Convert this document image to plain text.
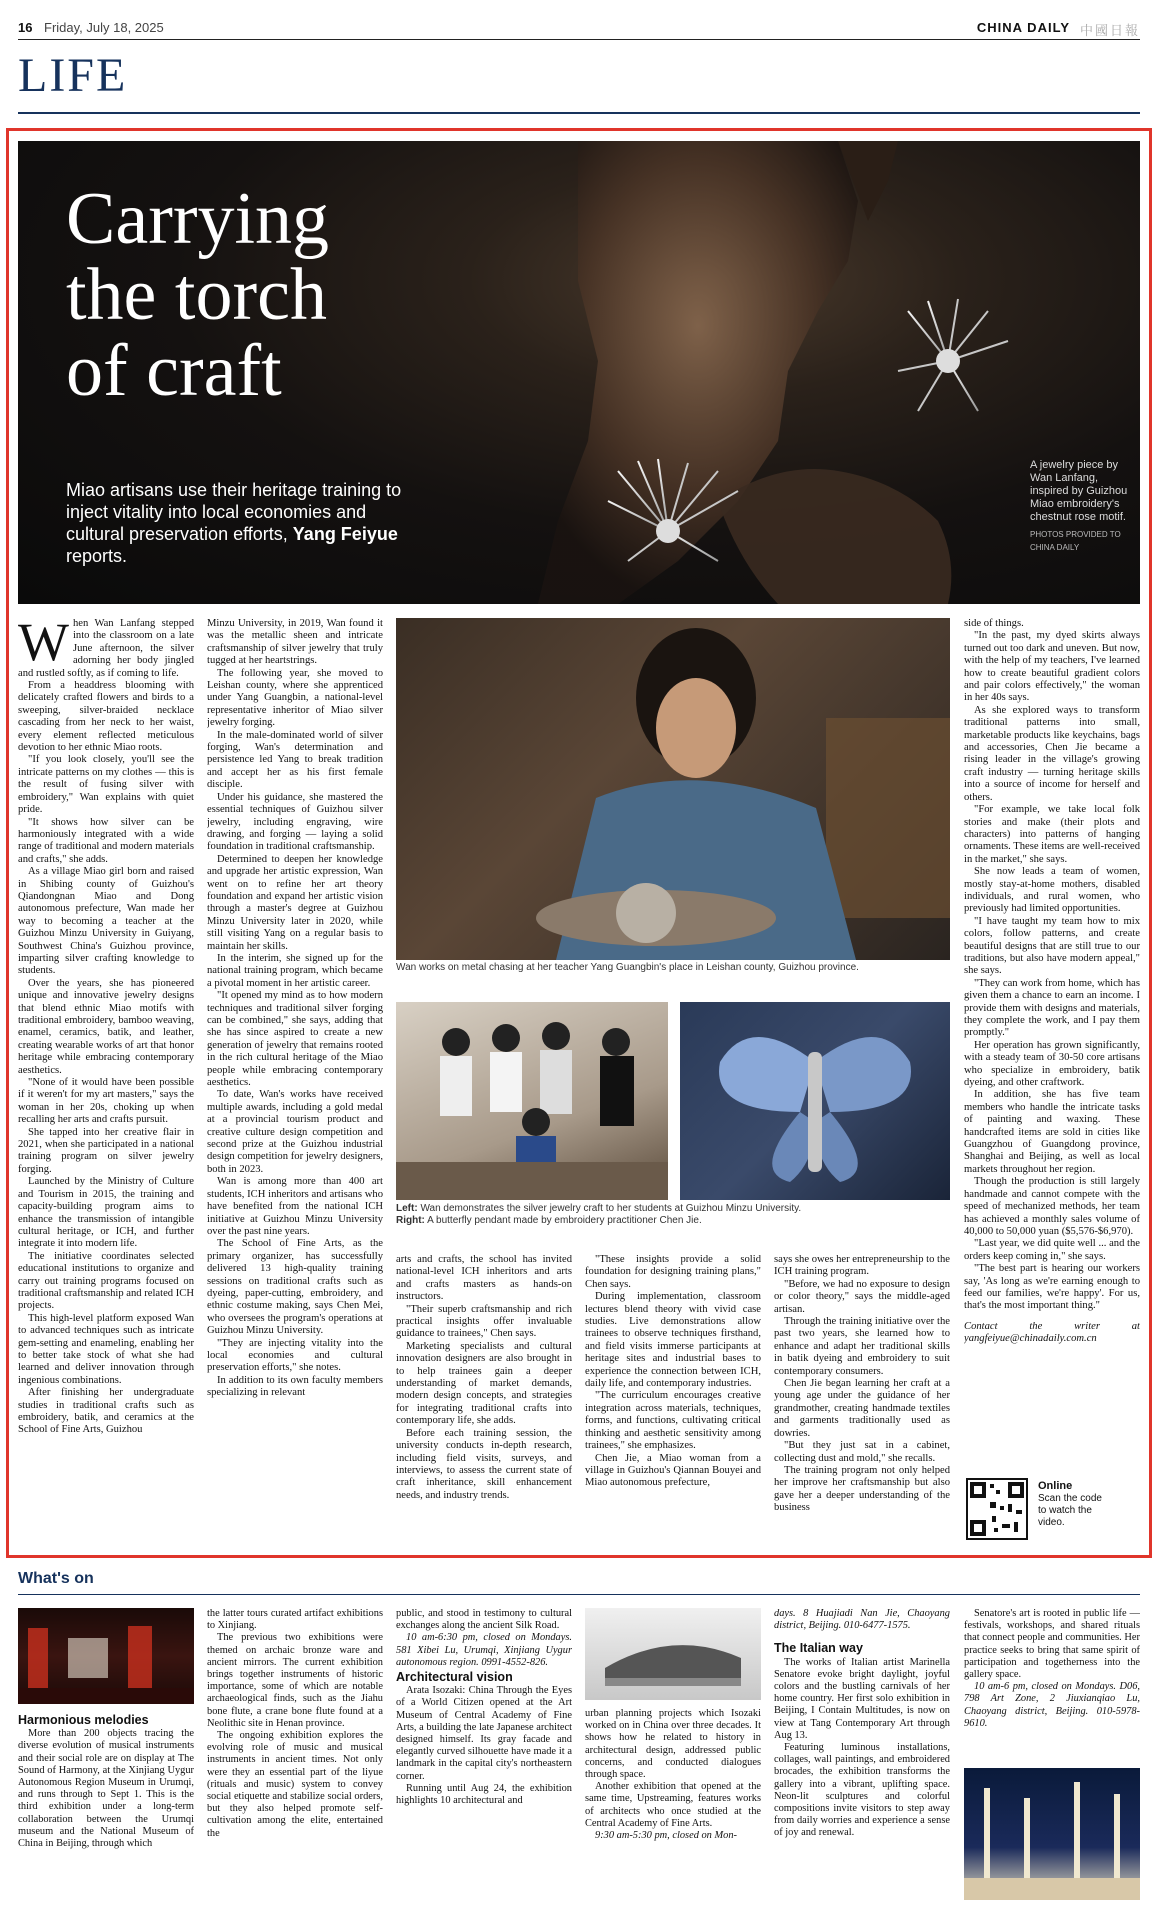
16 Friday, July 18, 2025	CHINA DAILY 中國日報
LIFE
Carrying
the torch
of craft
Miao artisans use their heritage training to inject vitality into local economies and cultural preservation efforts, Yang Feiyue reports.
A jewelry piece by Wan Lanfang, inspired by Guizhou Miao embroidery's chestnut rose motif.
PHOTOS PROVIDED TO CHINA DAILY

When Wan Lanfang stepped into the classroom on a late June afternoon, the silver adorning her body jingled and rustled softly, as if coming to life.

From a headdress blooming with delicately crafted flowers and birds to a sweeping, silver-braided necklace cascading from her neck to her waist, every element reflected meticulous devotion to her ethnic Miao roots.

"If you look closely, you'll see the intricate patterns on my clothes — this is the result of fusing silver with embroidery," Wan explains with quiet pride.

"It shows how silver can be harmoniously integrated with a wide range of traditional and modern materials and crafts," she adds.

As a village Miao girl born and raised in Shibing county of Guizhou's Qiandongnan Miao and Dong autonomous prefecture, Wan made her way to becoming a teacher at the Guizhou Minzu University in Guiyang, Southwest China's Guizhou province, imparting silver crafting knowledge to students.

Over the years, she has pioneered unique and innovative jewelry designs that blend ethnic Miao motifs with traditional embroidery, bamboo weaving, enamel, ceramics, batik, and leather, creating wearable works of art that honor heritage while embracing contemporary aesthetics.

"None of it would have been possible if it weren't for my art masters," says the woman in her 20s, choking up when recalling her arts and crafts pursuit.

She tapped into her creative flair in 2021, when she participated in a national training program on silver jewelry forging.

Launched by the Ministry of Culture and Tourism in 2015, the training and capacity-building program aims to enhance the transmission of intangible cultural heritage, or ICH, and further integrate it into modern life.

The initiative coordinates selected educational institutions to organize and carry out training programs focused on traditional craftsmanship and related ICH projects.

This high-level platform exposed Wan to advanced techniques such as intricate gem-setting and enameling, enabling her to better take stock of what she had learned and deliver innovation through ingenious combinations.

After finishing her undergraduate studies in traditional crafts such as embroidery, batik, and ceramics at the School of Fine Arts, Guizhou

Minzu University, in 2019, Wan found it was the metallic sheen and intricate craftsmanship of silver jewelry that truly tugged at her heartstrings.

The following year, she moved to Leishan county, where she apprenticed under Yang Guangbin, a national-level representative inheritor of Miao silver jewelry forging.

In the male-dominated world of silver forging, Wan's determination and persistence led Yang to break tradition and accept her as his first female disciple.

Under his guidance, she mastered the essential techniques of Guizhou silver jewelry, including engraving, wire drawing, and forging — laying a solid foundation in traditional craftsmanship.

Determined to deepen her knowledge and upgrade her artistic expression, Wan went on to refine her art theory foundation and expand her artistic vision through a master's degree at Guizhou Minzu University later in 2020, while still visiting Yang on a regular basis to maintain her skills.

In the interim, she signed up for the national training program, which became a pivotal moment in her artistic career.

"It opened my mind as to how modern techniques and traditional silver forging can be combined," she says, adding that she has since aspired to create a new generation of jewelry that remains rooted in the rich cultural heritage of the Miao people while embracing contemporary aesthetics.

To date, Wan's works have received multiple awards, including a gold medal at a provincial tourism product and creative culture design competition and second prize at the Guizhou industrial design competition for jewelry designers, both in 2023.

Wan is among more than 400 art students, ICH inheritors and artisans who have benefited from the national ICH initiative at Guizhou Minzu University over the past nine years.

The School of Fine Arts, as the primary organizer, has successfully delivered 13 high-quality training sessions on traditional crafts such as dyeing, paper-cutting, embroidery, and ethnic costume making, says Chen Mei, who oversees the program's operations at Guizhou Minzu University.

"They are injecting vitality into the local economies and cultural preservation efforts," she notes.

In addition to its own faculty members specializing in relevant

Wan works on metal chasing at her teacher Yang Guangbin's place in Leishan county, Guizhou province.
Left: Wan demonstrates the silver jewelry craft to her students at Guizhou Minzu University.
Right: A butterfly pendant made by embroidery practitioner Chen Jie.

arts and crafts, the school has invited national-level ICH inheritors and arts and crafts masters as hands-on instructors.

"Their superb craftsmanship and rich practical insights offer invaluable guidance to trainees," Chen says.

Marketing specialists and cultural innovation designers are also brought in to help trainees gain a deeper understanding of market demands, modern design concepts, and strategies for integrating traditional crafts into contemporary life, she adds.

Before each training session, the university conducts in-depth research, including field visits, surveys, and interviews, to assess the current state of craft inheritance, skill enhancement needs, and industry trends.

"These insights provide a solid foundation for designing training plans," Chen says.

During implementation, classroom lectures blend theory with vivid case studies. Live demonstrations allow trainees to observe techniques firsthand, and field visits immerse participants at heritage sites and industrial bases to experience the connection between ICH, daily life, and contemporary industries.

"The curriculum encourages creative integration across materials, techniques, forms, and functions, cultivating critical thinking and aesthetic sensitivity among trainees," she emphasizes.

Chen Jie, a Miao woman from a village in Guizhou's Qiannan Bouyei and Miao autonomous prefecture,

says she owes her entrepreneurship to the ICH training program.

"Before, we had no exposure to design or color theory," says the middle-aged artisan.

Through the training initiative over the past two years, she learned how to enhance and adapt her traditional skills in batik dyeing and embroidery to suit contemporary consumers.

Chen Jie began learning her craft at a young age under the guidance of her grandmother, creating handmade textiles and garments traditionally used as dowries.

"But they just sat in a cabinet, collecting dust and mold," she recalls.

The training program not only helped her improve her craftsmanship but also gave her a deeper understanding of the business

side of things.

"In the past, my dyed skirts always turned out too dark and uneven. But now, with the help of my teachers, I've learned how to create beautiful gradient colors and pair colors effectively," the woman in her 40s says.

As she explored ways to transform traditional patterns into small, marketable products like keychains, bags and accessories, Chen Jie became a rising leader in the village's growing craft industry — turning heritage skills into a source of income for herself and others.

"For example, we take local folk stories and make (their plots and characters) into patterns of hanging ornaments. These items are well-received in the market," she says.

She now leads a team of women, mostly stay-at-home mothers, disabled individuals, and rural women, who previously had limited opportunities.

"I have taught my team how to mix colors, follow patterns, and create beautiful designs that are still true to our traditions, but also have modern appeal," she says.

"They can work from home, which has given them a chance to earn an income. I provide them with designs and materials, they complete the work, and I pay them promptly."

Her operation has grown significantly, with a steady team of 30-50 core artisans who specialize in embroidery, batik dyeing, and other craftwork.

In addition, she has five team members who handle the intricate tasks of painting and waxing. These handcrafted items are sold in cities like Guangzhou of Guangdong province, Shanghai and Beijing, as well as local markets throughout her region.

Though the production is still largely handmade and cannot compete with the speed of mechanized methods, her team has achieved a monthly sales volume of 40,000 to 50,000 yuan ($5,576-$6,970).

"Last year, we did quite well ... and the orders keep coming in," she says.

"The best part is hearing our workers say, 'As long as we're earning enough to feed our families, we're happy'. For us, that's the most important thing."

Contact the writer at yangfeiyue@chinadaily.com.cn

Online
Scan the code to watch the video.
What's on
Harmonious melodies

More than 200 objects tracing the diverse evolution of musical instruments and their social role are on display at The Sound of Harmony, at the Xinjiang Uygur Autonomous Region Museum in Urumqi, and runs through to Sept 1. This is the third exhibition under a long-term collaboration between the Urumqi museum and the National Museum of China in Beijing, through which

the latter tours curated artifact exhibitions to Xinjiang.

The previous two exhibitions were themed on archaic bronze ware and ancient mirrors. The current exhibition brings together instruments of historic importance, some of which are notable archaeological finds, such as the Jiahu bone flute, a crane bone flute found at a Neolithic site in Henan province.

The ongoing exhibition explores the evolving role of music and musical instruments in ancient times. Not only were they an essential part of the liyue (rituals and music) system to convey social etiquette and stabilize social orders, but they also helped promote self-cultivation among the elite, entertained the

public, and stood in testimony to cultural exchanges along the ancient Silk Road.

10 am-6:30 pm, closed on Mondays. 581 Xibei Lu, Urumqi, Xinjiang Uygur autonomous region. 0991-4552-826.

Architectural vision

Arata Isozaki: China Through the Eyes of a World Citizen opened at the Art Museum of Central Academy of Fine Arts, a building the late Japanese architect designed himself. Its gray facade and elegantly curved silhouette have made it a landmark in the capital city's northeastern corner.

Running until Aug 24, the exhibition highlights 10 architectural and

urban planning projects which Isozaki worked on in China over three decades. It shows how he related to history in architectural design, addressed public concerns, and conducted dialogues through space.

Another exhibition that opened at the same time, Upstreaming, features works of architects who once studied at the Central Academy of Fine Arts.

9:30 am-5:30 pm, closed on Mon-

days. 8 Huajiadi Nan Jie, Chaoyang district, Beijing. 010-6477-1575.

The Italian way

The works of Italian artist Marinella Senatore evoke bright daylight, joyful colors and the bustling carnivals of her home country. Her first solo exhibition in Beijing, I Contain Multitudes, is now on view at Tang Contemporary Art through Aug 13.

Featuring luminous installations, collages, wall paintings, and embroidered brocades, the exhibition transforms the gallery into a vibrant, uplifting space. Neon-lit sculptures and colorful compositions invite visitors to step away from daily worries and experience a sense of joy and renewal.

Senatore's art is rooted in public life — festivals, workshops, and shared rituals that connect people and communities. Her practice seeks to bring that same spirit of participation and togetherness into the gallery space.

10 am-6 pm, closed on Mondays. D06, 798 Art Zone, 2 Jiuxianqiao Lu, Chaoyang district, Beijing. 010-5978-9610.
